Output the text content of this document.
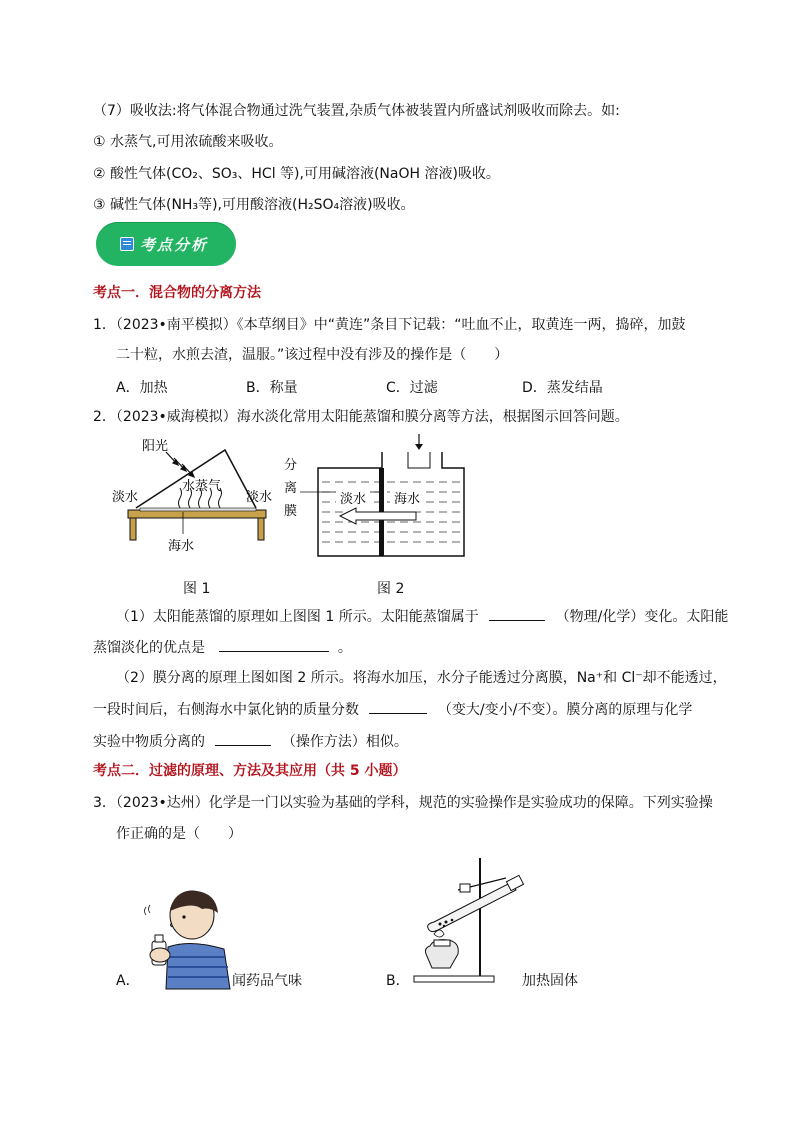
（7）吸收法:将气体混合物通过洗气装置,杂质气体被装置内所盛试剂吸收而除去。如:
① 水蒸气,可用浓硫酸来吸收。
② 酸性气体(CO₂、SO₃、HCl 等),可用碱溶液(NaOH 溶液)吸收。
③ 碱性气体(NH₃等),可用酸溶液(H₂SO₄溶液)吸收。
考点分析
考点一．混合物的分离方法
1．（2023•南平模拟）《本草纲目》中“黄连”条目下记载：“吐血不止，取黄连一两，捣碎，加鼓
二十粒，水煎去渣，温服。”该过程中没有涉及的操作是（　　）
A．加热	B．称量	C．过滤	D．蒸发结晶
2．（2023•威海模拟）海水淡化常用太阳能蒸馏和膜分离等方法，根据图示回答问题。
阳光
水蒸气
淡水	淡水
海水
淡水 海水
分
离
膜
图 1	图 2
（1）太阳能蒸馏的原理如上图图 1 所示。太阳能蒸馏属于	（物理/化学）变化。太阳能
蒸馏淡化的优点是	。
（2）膜分离的原理上图如图 2 所示。将海水加压，水分子能透过分离膜，Na⁺和 Cl⁻却不能透过，
一段时间后，右侧海水中氯化钠的质量分数	（变大/变小/不变）。膜分离的原理与化学
实验中物质分离的	（操作方法）相似。
考点二．过滤的原理、方法及其应用（共 5 小题）
3．（2023•达州）化学是一门以实验为基础的学科，规范的实验操作是实验成功的保障。下列实验操
作正确的是（　　）
A．	闻药品气味	B．	加热固体
